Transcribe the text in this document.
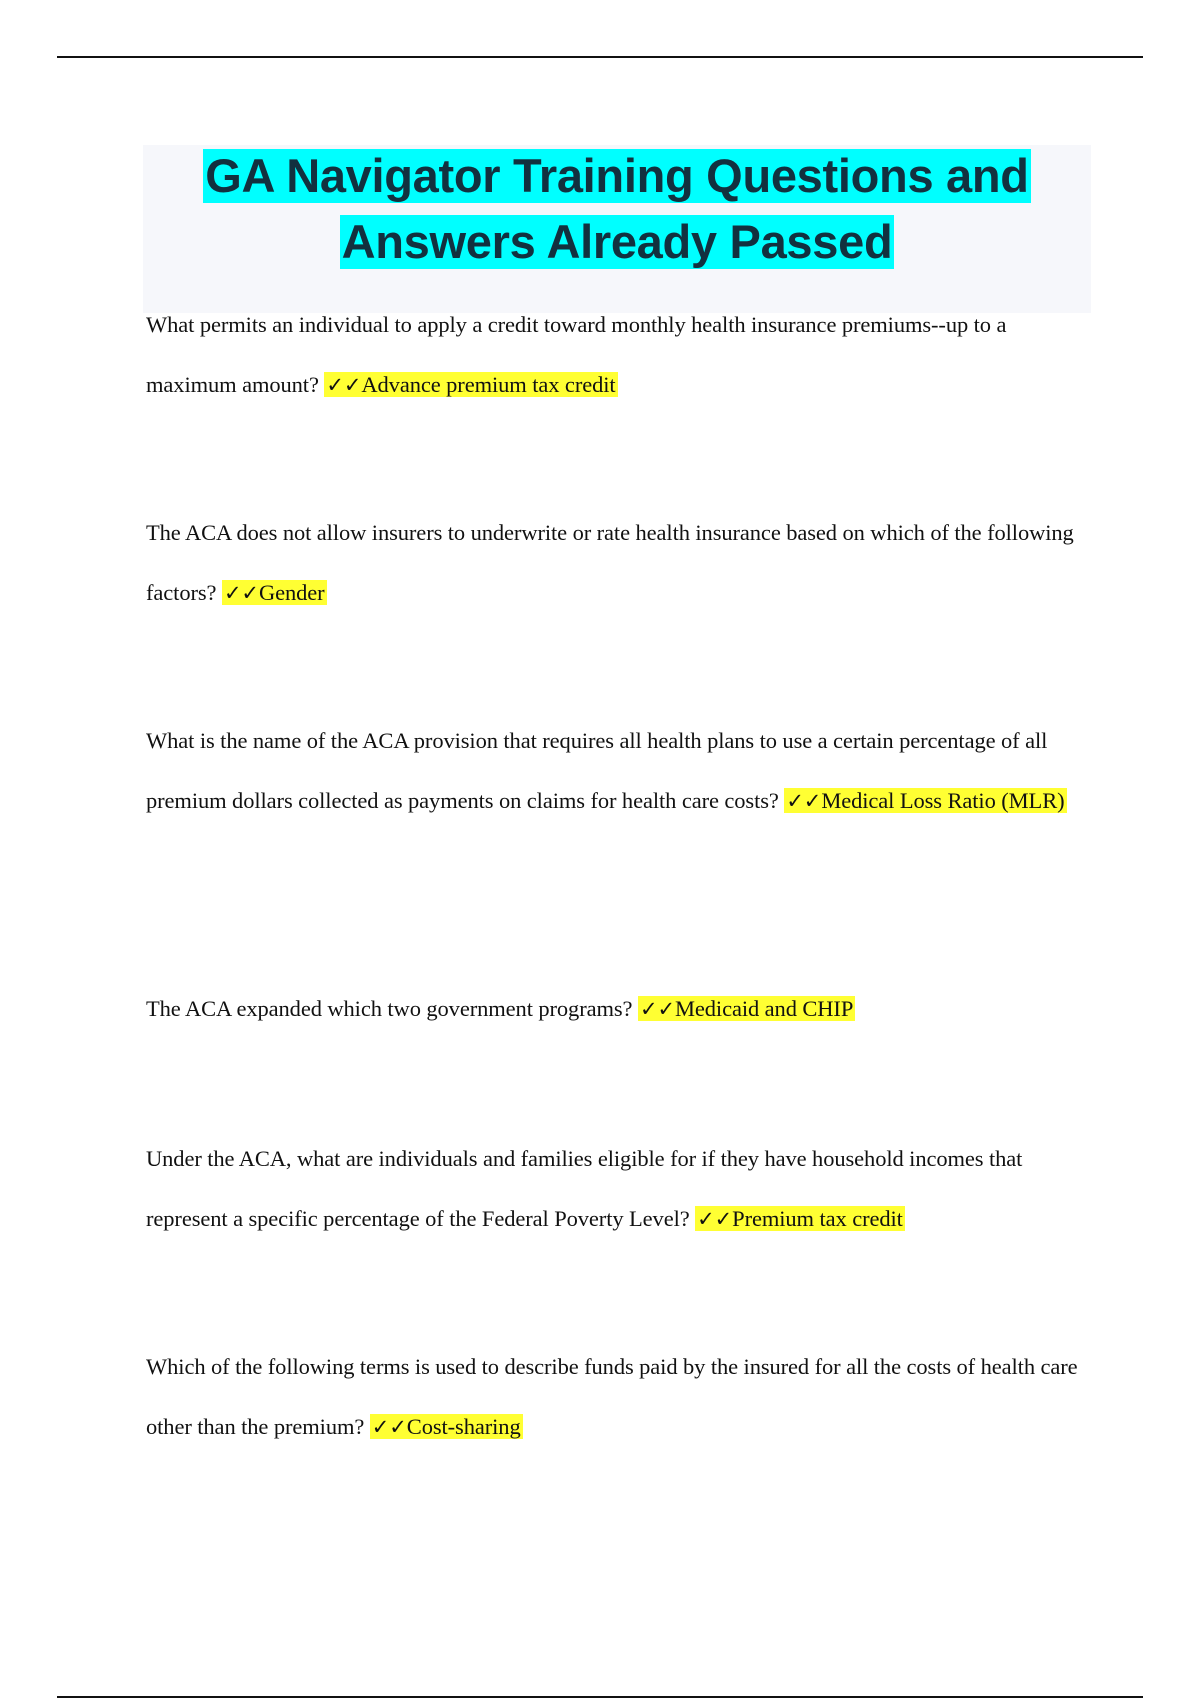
GA Navigator Training Questions and
Answers Already Passed
What permits an individual to apply a credit toward monthly health insurance premiums--up to a maximum amount? ✓✓Advance premium tax credit
The ACA does not allow insurers to underwrite or rate health insurance based on which of the following factors? ✓✓Gender
What is the name of the ACA provision that requires all health plans to use a certain percentage of all premium dollars collected as payments on claims for health care costs? ✓✓Medical Loss Ratio (MLR)
The ACA expanded which two government programs? ✓✓Medicaid and CHIP
Under the ACA, what are individuals and families eligible for if they have household incomes that represent a specific percentage of the Federal Poverty Level? ✓✓Premium tax credit
Which of the following terms is used to describe funds paid by the insured for all the costs of health care other than the premium? ✓✓Cost-sharing
